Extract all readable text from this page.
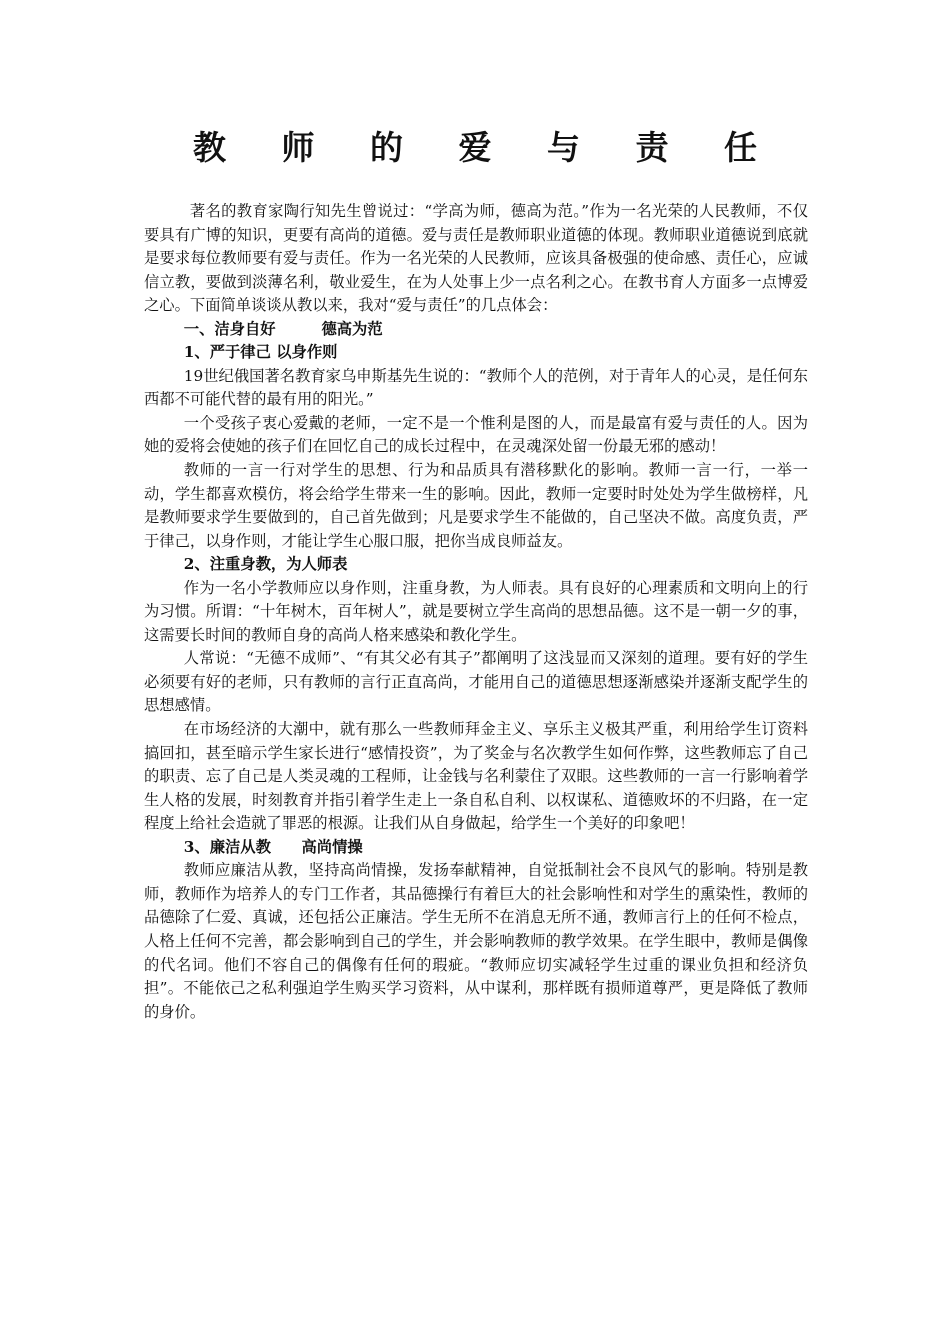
教 师 的 爱 与 责 任

著名的教育家陶行知先生曾说过：“学高为师，德高为范。”作为一名光荣的人民教师，不仅要具有广博的知识，更要有高尚的道德。爱与责任是教师职业道德的体现。教师职业道德说到底就是要求每位教师要有爱与责任。作为一名光荣的人民教师，应该具备极强的使命感、责任心，应诚信立教，要做到淡薄名利，敬业爱生，在为人处事上少一点名利之心。在教书育人方面多一点博爱之心。下面简单谈谈从教以来，我对“爱与责任”的几点体会：

一、洁身自好　　　德高为范
1、严于律己 以身作则

19世纪俄国著名教育家乌申斯基先生说的：“教师个人的范例，对于青年人的心灵，是任何东西都不可能代替的最有用的阳光。”

一个受孩子衷心爱戴的老师，一定不是一个惟利是图的人，而是最富有爱与责任的人。因为她的爱将会使她的孩子们在回忆自己的成长过程中，在灵魂深处留一份最无邪的感动！

教师的一言一行对学生的思想、行为和品质具有潜移默化的影响。教师一言一行，一举一动，学生都喜欢模仿，将会给学生带来一生的影响。因此，教师一定要时时处处为学生做榜样，凡是教师要求学生要做到的，自己首先做到；凡是要求学生不能做的，自己坚决不做。高度负责，严于律己，以身作则，才能让学生心服口服，把你当成良师益友。

2、注重身教，为人师表

作为一名小学教师应以身作则，注重身教，为人师表。具有良好的心理素质和文明向上的行为习惯。所谓：“十年树木，百年树人”，就是要树立学生高尚的思想品德。这不是一朝一夕的事，这需要长时间的教师自身的高尚人格来感染和教化学生。

人常说：“无德不成师”、“有其父必有其子”都阐明了这浅显而又深刻的道理。要有好的学生必须要有好的老师，只有教师的言行正直高尚，才能用自己的道德思想逐渐感染并逐渐支配学生的思想感情。

在市场经济的大潮中，就有那么一些教师拜金主义、享乐主义极其严重，利用给学生订资料搞回扣，甚至暗示学生家长进行“感情投资”，为了奖金与名次教学生如何作弊，这些教师忘了自己的职责、忘了自己是人类灵魂的工程师，让金钱与名利蒙住了双眼。这些教师的一言一行影响着学生人格的发展，时刻教育并指引着学生走上一条自私自利、以权谋私、道德败坏的不归路，在一定程度上给社会造就了罪恶的根源。让我们从自身做起，给学生一个美好的印象吧！

3、廉洁从教　　高尚情操

教师应廉洁从教，坚持高尚情操，发扬奉献精神，自觉抵制社会不良风气的影响。特别是教师，教师作为培养人的专门工作者，其品德操行有着巨大的社会影响性和对学生的熏染性，教师的品德除了仁爱、真诚，还包括公正廉洁。学生无所不在消息无所不通，教师言行上的任何不检点，人格上任何不完善，都会影响到自己的学生，并会影响教师的教学效果。在学生眼中，教师是偶像的代名词。他们不容自己的偶像有任何的瑕疵。“教师应切实减轻学生过重的课业负担和经济负担”。不能依己之私利强迫学生购买学习资料，从中谋利，那样既有损师道尊严，更是降低了教师的身价。
